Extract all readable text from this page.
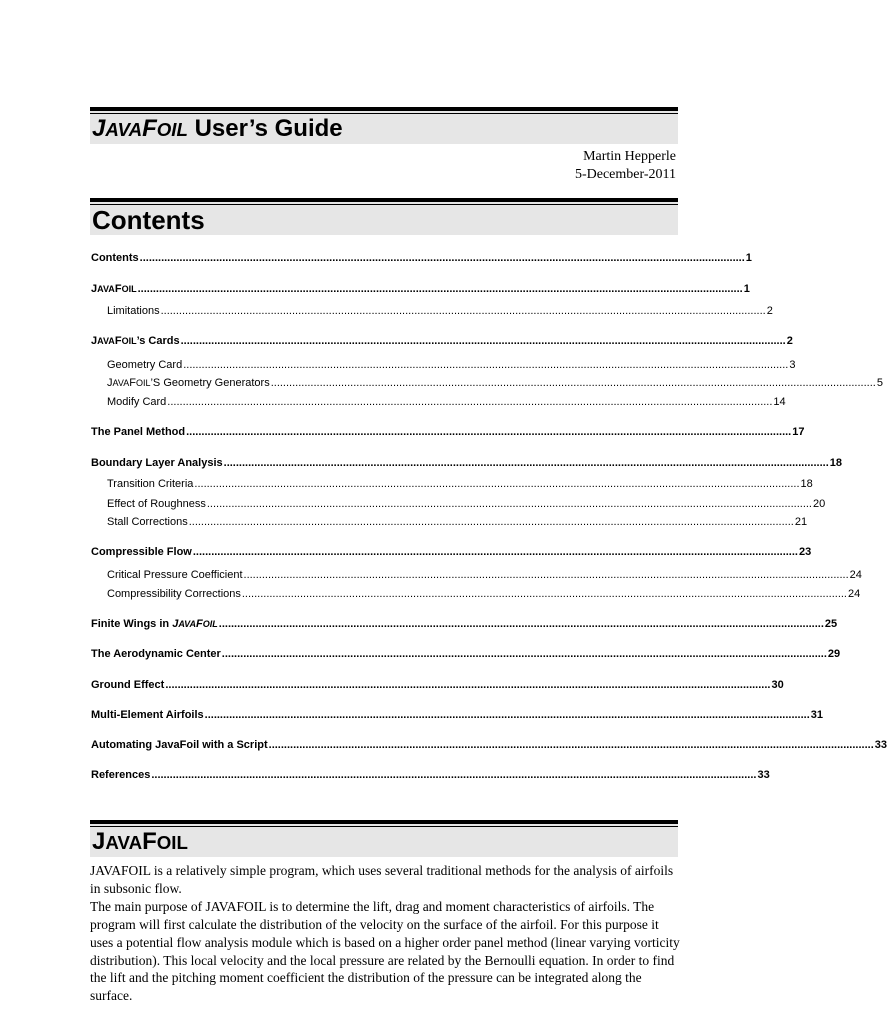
JAVAFOIL User’s Guide
Martin Hepperle
5-December-2011
Contents
Contents ...................................................................................................................................................................................................... 1
JAVAFOIL ...................................................................................................................................................................................................... 1
Limitations ...................................................................................................................................................................................................... 2
JAVAFOIL’s Cards ...................................................................................................................................................................................................... 2
Geometry Card ...................................................................................................................................................................................................... 3
JAVAFOIL’S Geometry Generators ...................................................................................................................................................................................................... 5
Modify Card ...................................................................................................................................................................................................... 14
The Panel Method ...................................................................................................................................................................................................... 17
Boundary Layer Analysis ...................................................................................................................................................................................................... 18
Transition Criteria ...................................................................................................................................................................................................... 18
Effect of Roughness ...................................................................................................................................................................................................... 20
Stall Corrections ...................................................................................................................................................................................................... 21
Compressible Flow ...................................................................................................................................................................................................... 23
Critical Pressure Coefficient ...................................................................................................................................................................................................... 24
Compressibility Corrections ...................................................................................................................................................................................................... 24
Finite Wings in JAVAFOIL ...................................................................................................................................................................................................... 25
The Aerodynamic Center ...................................................................................................................................................................................................... 29
Ground Effect ...................................................................................................................................................................................................... 30
Multi-Element Airfoils ...................................................................................................................................................................................................... 31
Automating JavaFoil with a Script ...................................................................................................................................................................................................... 33
References ...................................................................................................................................................................................................... 33
JAVAFOIL

JAVAFOIL is a relatively simple program, which uses several traditional methods for the analysis of airfoils in subsonic flow.

The main purpose of JAVAFOIL is to determine the lift, drag and moment characteristics of airfoils. The program will first calculate the distribution of the velocity on the surface of the airfoil. For this purpose it uses a potential flow analysis module which is based on a higher order panel method (linear varying vorticity distribution). This local velocity and the local pressure are related by the Bernoulli equation. In order to find the lift and the pitching moment coefficient the distribution of the pressure can be integrated along the surface.
